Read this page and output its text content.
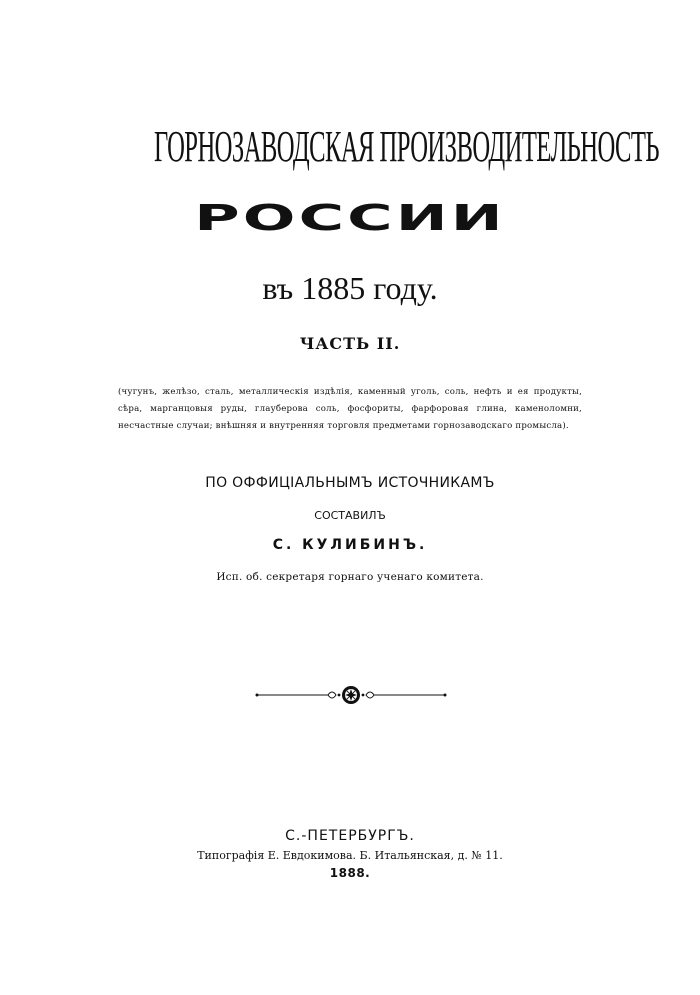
ГОРНОЗАВОДСКАЯ ПРОИЗВОДИТЕЛЬНОСТЬ
РОССИИ
въ 1885 году.
ЧАСТЬ II.
(чугунъ, желѣзо, сталь, металлическія издѣлія, каменный уголь, соль, нефть и ея продукты, сѣра, марганцовыя руды, глауберова соль, фосфориты, фарфоровая глина, каменоломни, несчастные случаи; внѣшняя и внутренняя торговля предметами горнозаводскаго промысла).
ПО ОФФИЦІАЛЬНЫМЪ ИСТОЧНИКАМЪ
СОСТАВИЛЪ
С. КУЛИБИНЪ.
Исп. об. секретаря горнаго ученаго комитета.
С.-ПЕТЕРБУРГЪ.
Типографія Е. Евдокимова. Б. Итальянская, д. № 11.
1888.
